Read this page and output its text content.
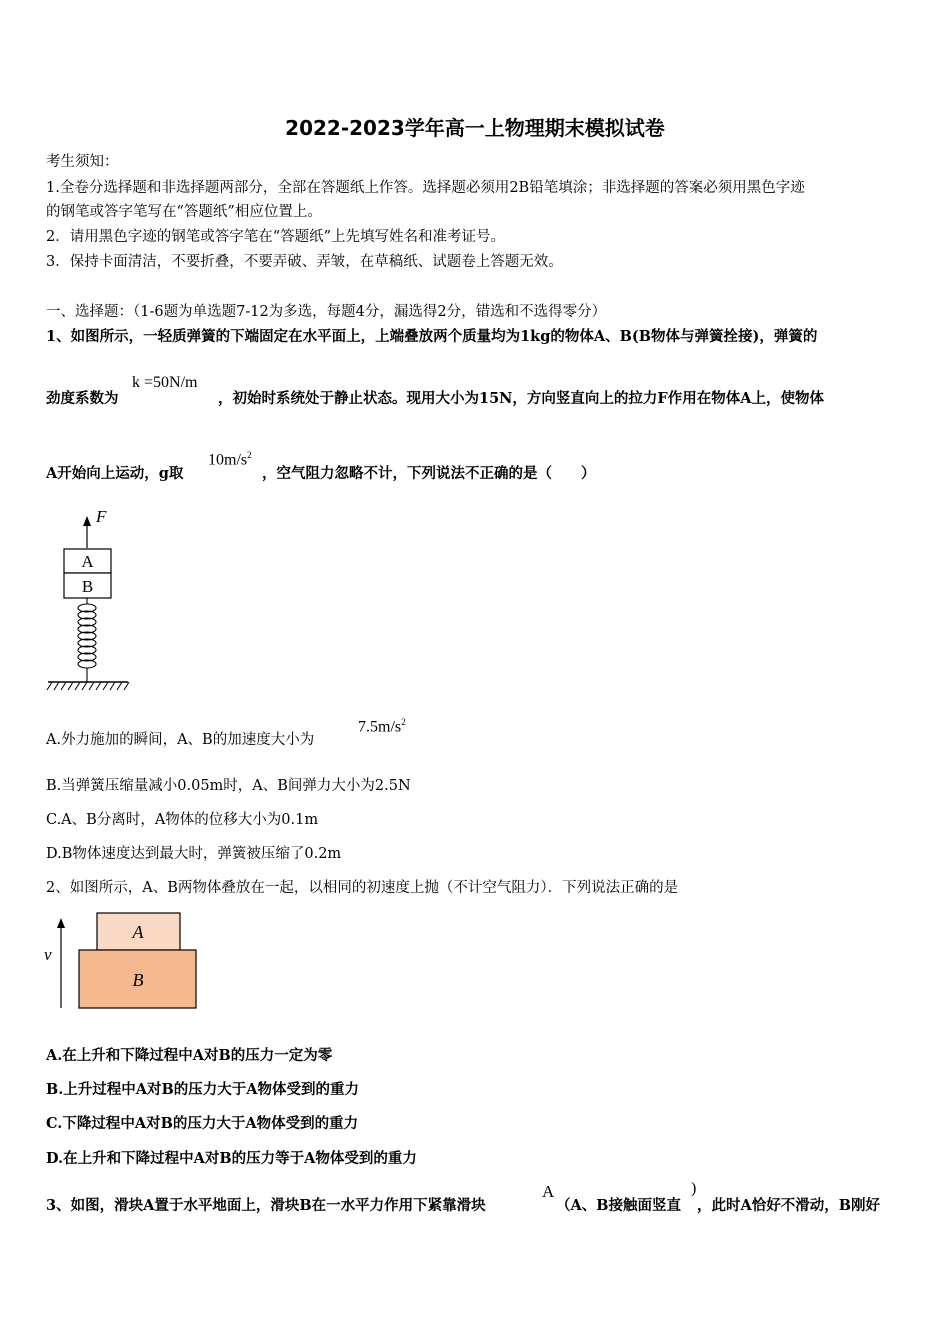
2022-2023学年高一上物理期末模拟试卷
考生须知：
1.全卷分选择题和非选择题两部分，全部在答题纸上作答。选择题必须用2B铅笔填涂；非选择题的答案必须用黑色字迹
的钢笔或答字笔写在“答题纸”相应位置上。
2．请用黑色字迹的钢笔或答字笔在“答题纸”上先填写姓名和准考证号。
3．保持卡面清洁，不要折叠，不要弄破、弄皱，在草稿纸、试题卷上答题无效。
一、选择题：（1-6题为单选题7-12为多选，每题4分，漏选得2分，错选和不选得零分）
1、如图所示，一轻质弹簧的下端固定在水平面上，上端叠放两个质量均为1kg的物体A、B(B物体与弹簧拴接)，弹簧的
劲度系数为
k =50N/m
，初始时系统处于静止状态。现用大小为15N，方向竖直向上的拉力F作用在物体A上，使物体
A开始向上运动，g取
$10m/s^2$
，空气阻力忽略不计，下列说法不正确的是（　　）
F
A
B
A.外力施加的瞬间，A、B的加速度大小为
$7.5m/s^2$
B.当弹簧压缩量减小0.05m时，A、B间弹力大小为2.5N
C.A、B分离时，A物体的位移大小为0.1m
D.B物体速度达到最大时，弹簧被压缩了0.2m
2、如图所示，A、B两物体叠放在一起，以相同的初速度上抛（不计空气阻力）．下列说法正确的是
v
A
B
A.在上升和下降过程中A对B的压力一定为零
B.上升过程中A对B的压力大于A物体受到的重力
C.下降过程中A对B的压力大于A物体受到的重力
D.在上升和下降过程中A对B的压力等于A物体受到的重力
3、如图，滑块A置于水平地面上，滑块B在一水平力作用下紧靠滑块
A
（A、B接触面竖直
)
，此时A恰好不滑动，B刚好
